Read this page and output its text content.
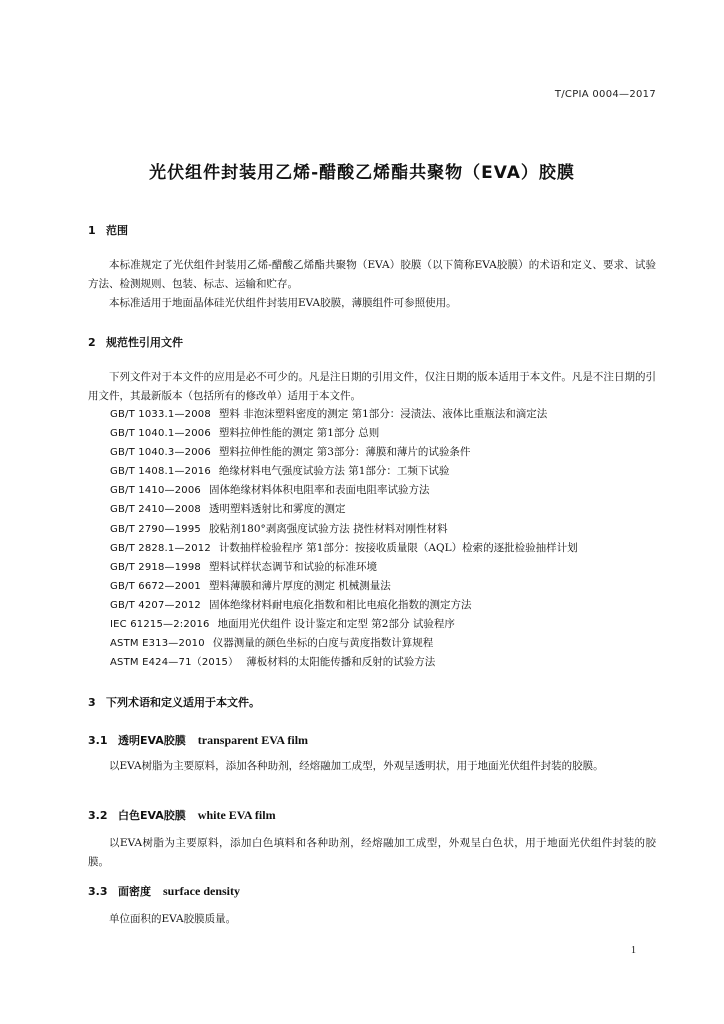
T/CPIA 0004—2017
光伏组件封装用乙烯-醋酸乙烯酯共聚物（EVA）胶膜
1 范围

本标准规定了光伏组件封装用乙烯-醋酸乙烯酯共聚物（EVA）胶膜（以下简称EVA胶膜）的术语和定义、要求、试验方法、检测规则、包装、标志、运输和贮存。

本标准适用于地面晶体硅光伏组件封装用EVA胶膜，薄膜组件可参照使用。

2 规范性引用文件

下列文件对于本文件的应用是必不可少的。凡是注日期的引用文件，仅注日期的版本适用于本文件。凡是不注日期的引用文件，其最新版本（包括所有的修改单）适用于本文件。

GB/T 1033.1—2008 塑料 非泡沫塑料密度的测定 第1部分：浸渍法、液体比重瓶法和滴定法
GB/T 1040.1—2006 塑料拉伸性能的测定 第1部分 总则
GB/T 1040.3—2006 塑料拉伸性能的测定 第3部分：薄膜和薄片的试验条件
GB/T 1408.1—2016 绝缘材料电气强度试验方法 第1部分：工频下试验
GB/T 1410—2006 固体绝缘材料体积电阻率和表面电阻率试验方法
GB/T 2410—2008 透明塑料透射比和雾度的测定
GB/T 2790—1995 胶粘剂180°剥离强度试验方法 挠性材料对刚性材料
GB/T 2828.1—2012 计数抽样检验程序 第1部分：按接收质量限（AQL）检索的逐批检验抽样计划
GB/T 2918—1998 塑料试样状态调节和试验的标准环境
GB/T 6672—2001 塑料薄膜和薄片厚度的测定 机械测量法
GB/T 4207—2012 固体绝缘材料耐电痕化指数和相比电痕化指数的测定方法
IEC 61215—2:2016 地面用光伏组件 设计鉴定和定型 第2部分 试验程序
ASTM E313—2010 仪器测量的颜色坐标的白度与黄度指数计算规程
ASTM E424—71（2015） 薄板材料的太阳能传播和反射的试验方法
3 下列术语和定义适用于本文件。
3.1 透明EVA胶膜 transparent EVA film

以EVA树脂为主要原料，添加各种助剂，经熔融加工成型，外观呈透明状，用于地面光伏组件封装的胶膜。

3.2 白色EVA胶膜 white EVA film

以EVA树脂为主要原料，添加白色填料和各种助剂，经熔融加工成型，外观呈白色状，用于地面光伏组件封装的胶膜。

3.3 面密度 surface density

单位面积的EVA胶膜质量。

1
